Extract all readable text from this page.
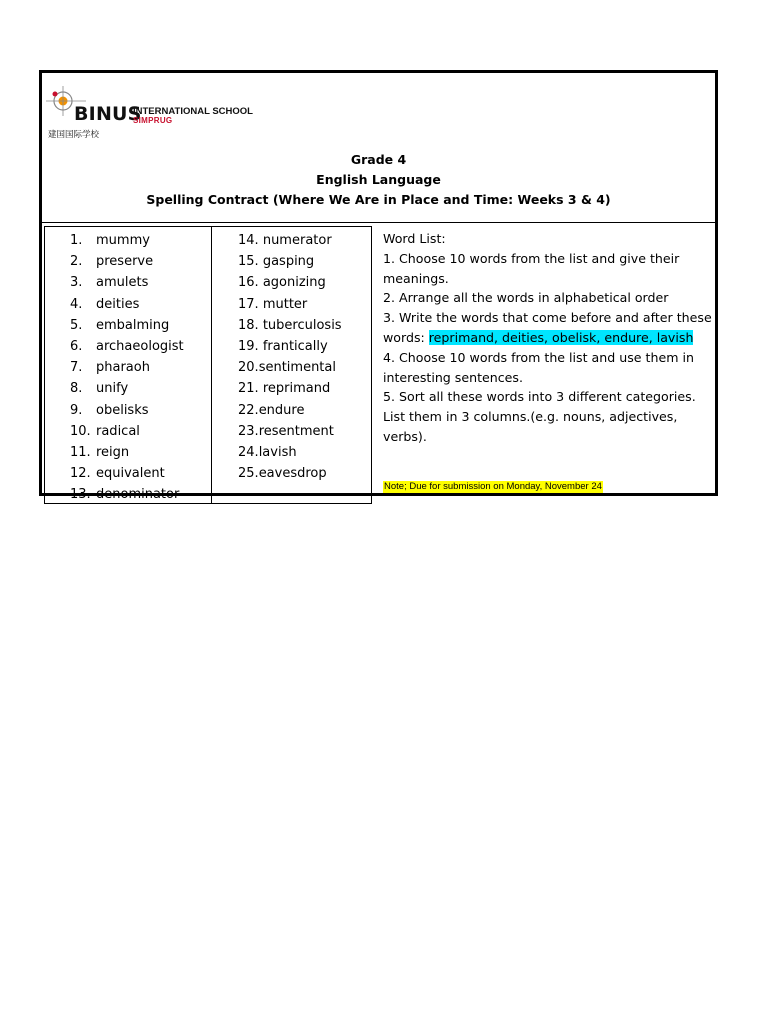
BINUS
INTERNATIONAL SCHOOL
SIMPRUG
建国国际学校
Grade 4
English Language
Spelling Contract (Where We Are in Place and Time: Weeks 3 & 4)
1. mummy
2. preserve
3. amulets
4. deities
5. embalming
6. archaeologist
7. pharaoh
8. unify
9. obelisks
10. radical
11. reign
12. equivalent
13. denominator
14. numerator
15. gasping
16. agonizing
17. mutter
18. tuberculosis
19. frantically
20.sentimental
21. reprimand
22.endure
23.resentment
24.lavish
25.eavesdrop
Word List:
1. Choose 10 words from the list and give their meanings.
2. Arrange all the words in alphabetical order
3. Write the words that come before and after these words: reprimand, deities, obelisk, endure, lavish
4. Choose 10 words from the list and use them in interesting sentences.
5. Sort all these words into 3 different categories. List them in 3 columns.(e.g. nouns, adjectives, verbs).
Note; Due for submission on Monday, November 24
